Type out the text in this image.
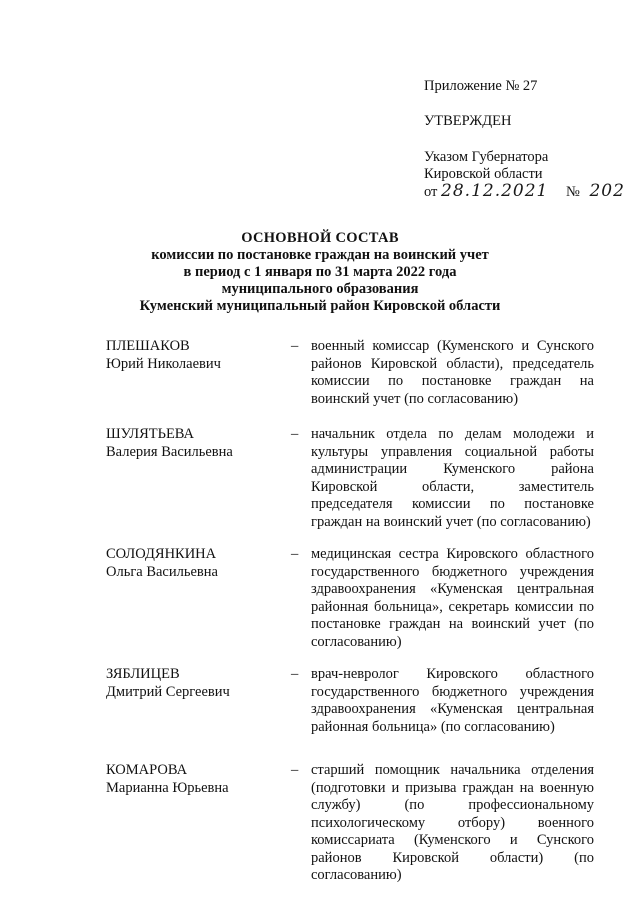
Приложение № 27
УТВЕРЖДЕН
Указом Губернатора
Кировской области
от 28.12.2021 № 202
ОСНОВНОЙ СОСТАВ
комиссии по постановке граждан на воинский учет
в период с 1 января по 31 марта 2022 года
муниципального образования
Куменский муниципальный район Кировской области
ПЛЕШАКОВ
Юрий Николаевич
– военный комиссар (Куменского и Сунского районов Кировской области), председатель комиссии по постановке граждан на воинский учет (по согласованию)
ШУЛЯТЬЕВА
Валерия Васильевна
– начальник отдела по делам молодежи и культуры управления социальной работы администрации Куменского района Кировской области, заместитель председателя комиссии по постановке граждан на воинский учет (по согласованию)
СОЛОДЯНКИНА
Ольга Васильевна
– медицинская сестра Кировского областного государственного бюджетного учреждения здравоохранения «Куменская центральная районная больница», секретарь комиссии по постановке граждан на воинский учет (по согласованию)
ЗЯБЛИЦЕВ
Дмитрий Сергеевич
– врач-невролог Кировского областного государственного бюджетного учреждения здравоохранения «Куменская центральная районная больница» (по согласованию)
КОМАРОВА
Марианна Юрьевна
– старший помощник начальника отделения (подготовки и призыва граждан на военную службу) (по профессиональному психологическому отбору) военного комиссариата (Куменского и Сунского районов Кировской области) (по согласованию)
